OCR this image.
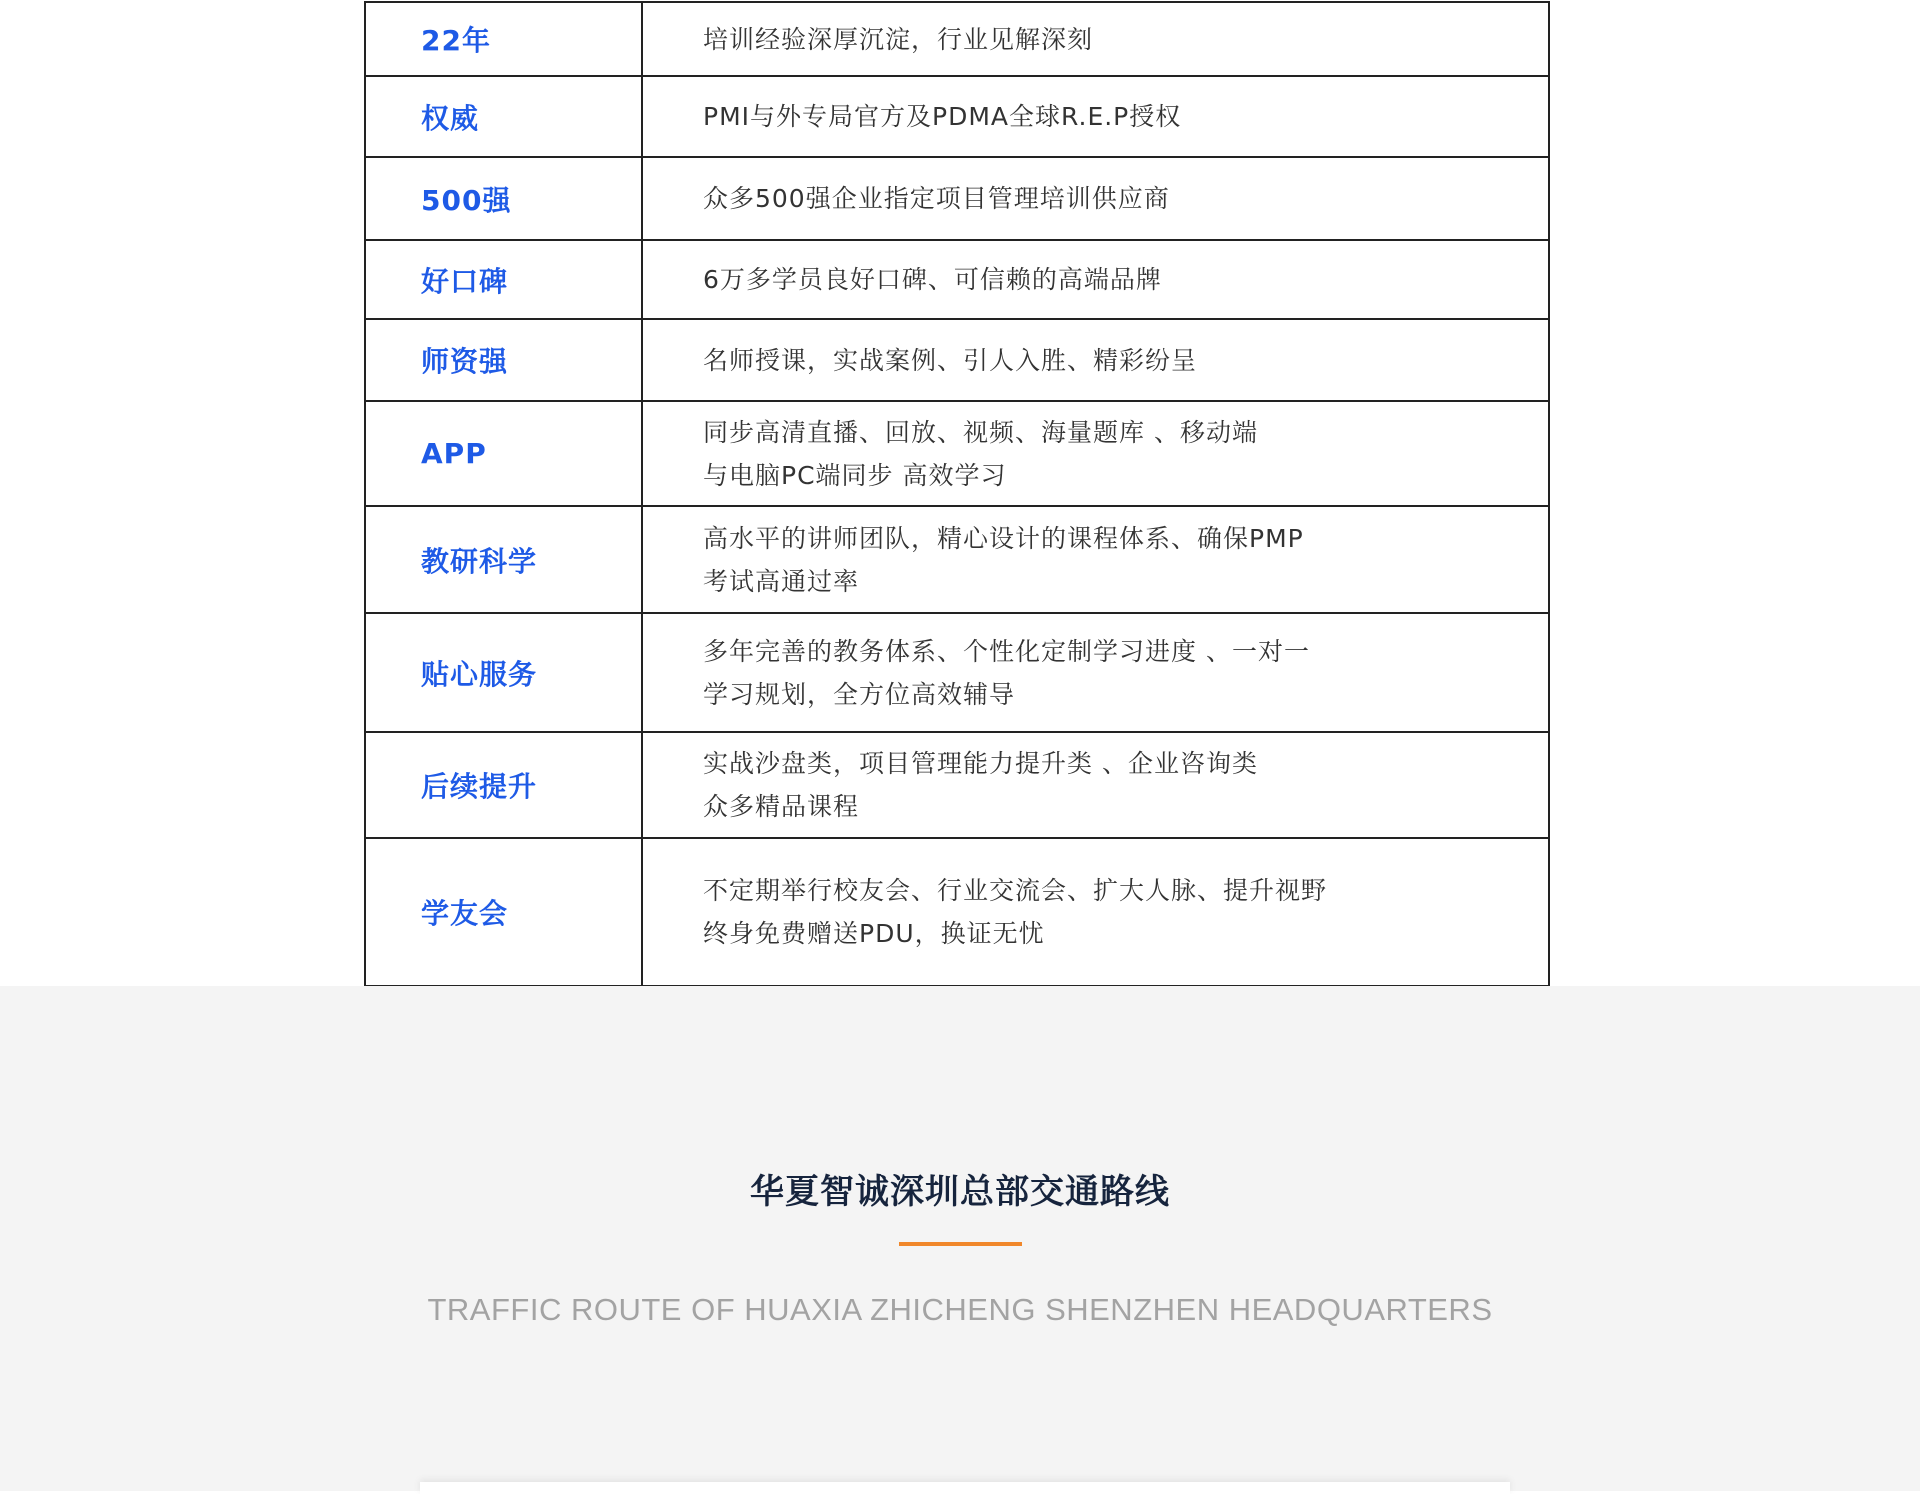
22年	培训经验深厚沉淀，行业见解深刻

权威	PMI与外专局官方及PDMA全球R.E.P授权

500强	众多500强企业指定项目管理培训供应商

好口碑	6万多学员良好口碑、可信赖的高端品牌

师资强	名师授课，实战案例、引人入胜、精彩纷呈

APP	同步高清直播、回放、视频、海量题库 、移动端
与电脑PC端同步 高效学习

教研科学	高水平的讲师团队，精心设计的课程体系、确保PMP
考试高通过率

贴心服务	多年完善的教务体系、个性化定制学习进度 、一对一
学习规划，全方位高效辅导

后续提升	实战沙盘类，项目管理能力提升类 、企业咨询类
众多精品课程

学友会	不定期举行校友会、行业交流会、扩大人脉、提升视野
终身免费赠送PDU，换证无忧
华夏智诚深圳总部交通路线
TRAFFIC ROUTE OF HUAXIA ZHICHENG SHENZHEN HEADQUARTERS
